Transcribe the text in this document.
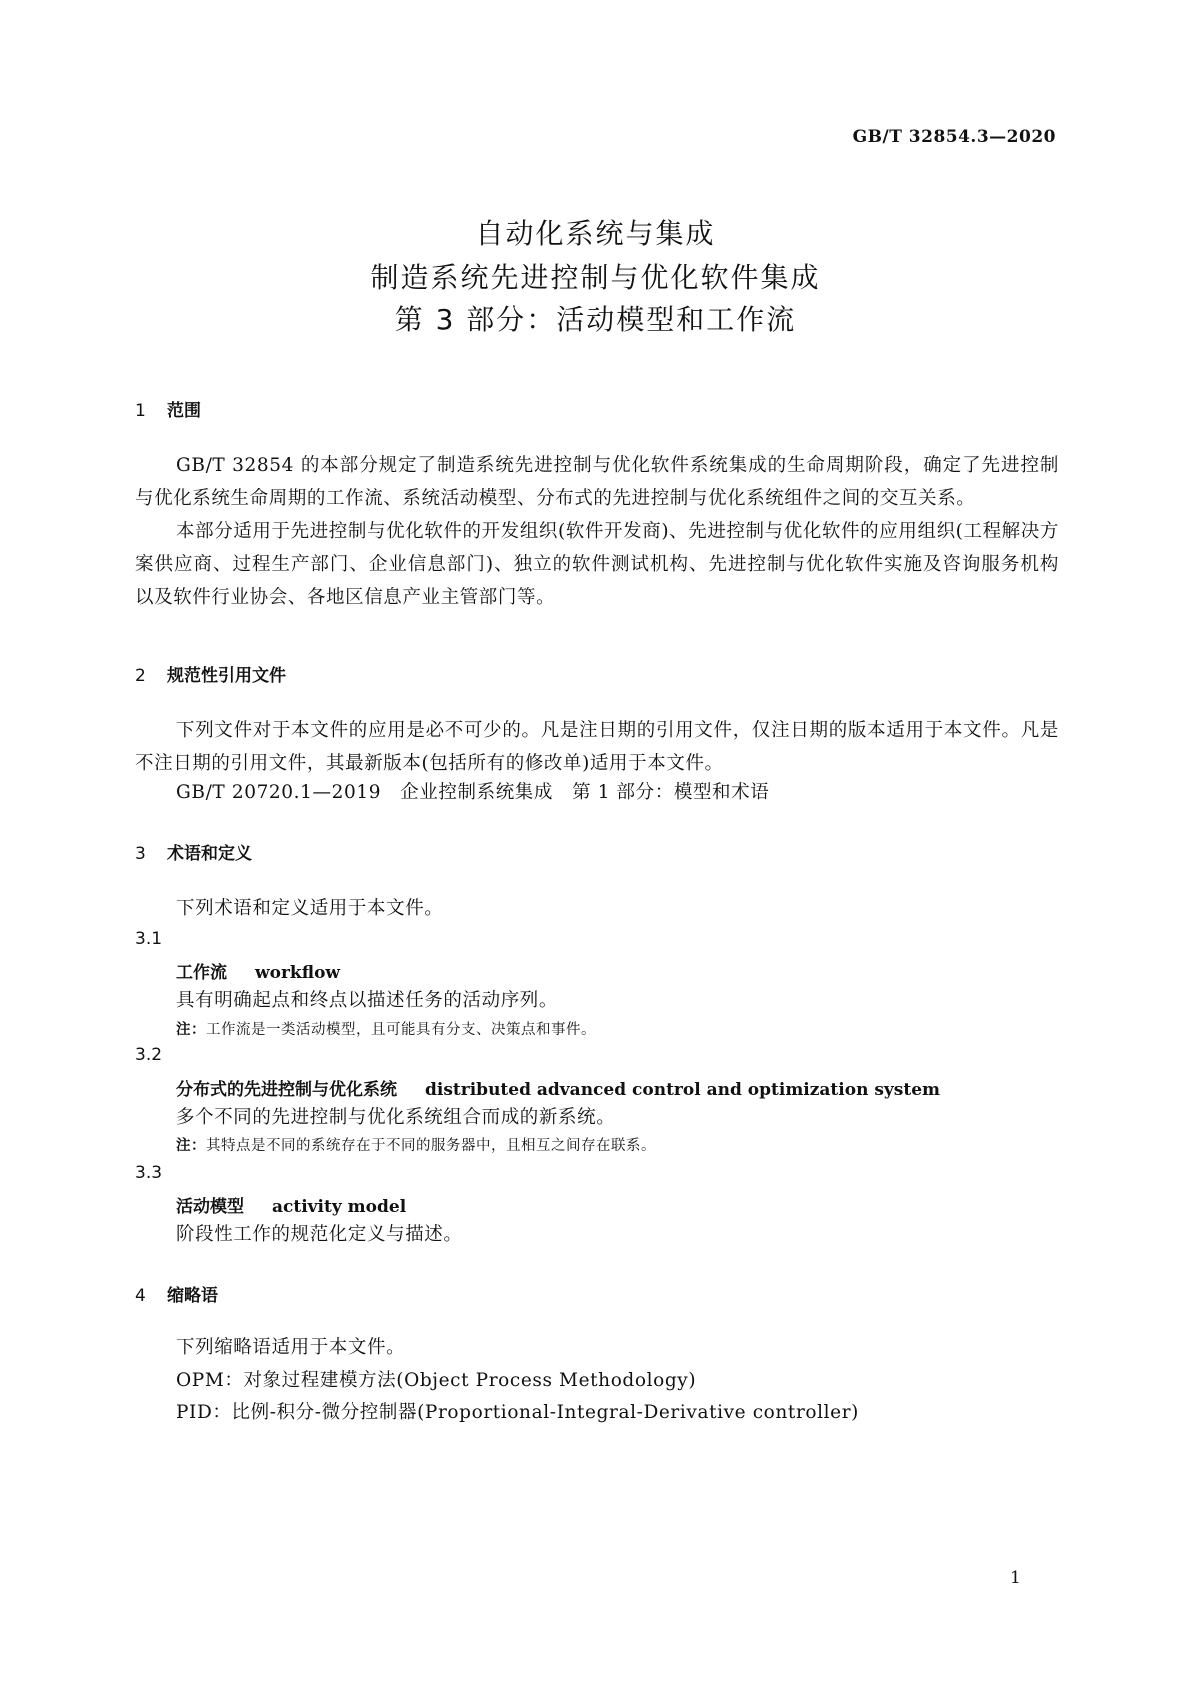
GB/T 32854.3—2020
自动化系统与集成
制造系统先进控制与优化软件集成
第 3 部分：活动模型和工作流
1 范围

GB/T 32854 的本部分规定了制造系统先进控制与优化软件系统集成的生命周期阶段，确定了先进控制与优化系统生命周期的工作流、系统活动模型、分布式的先进控制与优化系统组件之间的交互关系。

本部分适用于先进控制与优化软件的开发组织(软件开发商)、先进控制与优化软件的应用组织(工程解决方案供应商、过程生产部门、企业信息部门)、独立的软件测试机构、先进控制与优化软件实施及咨询服务机构以及软件行业协会、各地区信息产业主管部门等。

2 规范性引用文件

下列文件对于本文件的应用是必不可少的。凡是注日期的引用文件，仅注日期的版本适用于本文件。凡是不注日期的引用文件，其最新版本(包括所有的修改单)适用于本文件。

GB/T 20720.1—2019　企业控制系统集成　第 1 部分：模型和术语
3 术语和定义
下列术语和定义适用于本文件。
3.1
工作流 workflow
具有明确起点和终点以描述任务的活动序列。
注：工作流是一类活动模型，且可能具有分支、决策点和事件。
3.2
分布式的先进控制与优化系统 distributed advanced control and optimization system
多个不同的先进控制与优化系统组合而成的新系统。
注：其特点是不同的系统存在于不同的服务器中，且相互之间存在联系。
3.3
活动模型 activity model
阶段性工作的规范化定义与描述。
4 缩略语
下列缩略语适用于本文件。
OPM：对象过程建模方法(Object Process Methodology)
PID：比例-积分-微分控制器(Proportional-Integral-Derivative controller)
1
